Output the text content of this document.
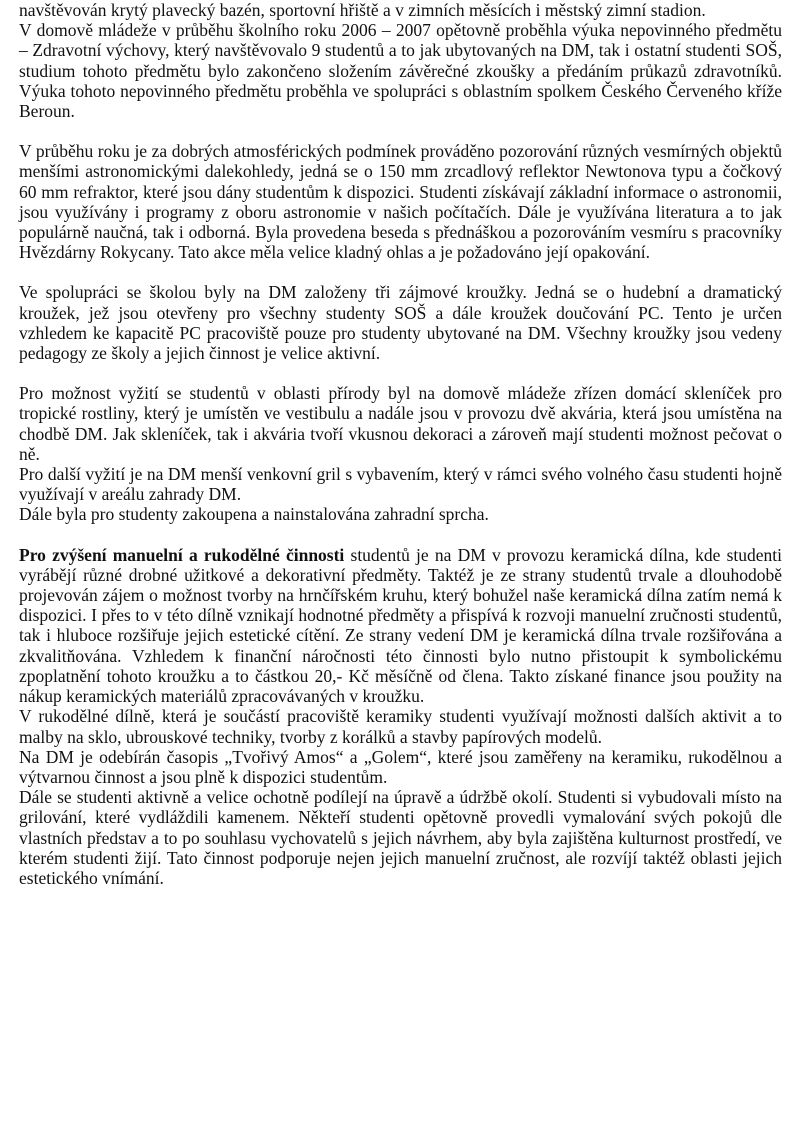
navštěvován krytý plavecký bazén, sportovní hřiště a v zimních měsících i městský zimní stadion.

V domově mládeže v průběhu školního roku 2006 – 2007 opětovně proběhla výuka nepovinného předmětu – Zdravotní výchovy, který navštěvovalo 9 studentů a to jak ubytovaných na DM, tak i ostatní studenti SOŠ, studium tohoto předmětu bylo zakončeno složením závěrečné zkoušky a předáním průkazů zdravotníků. Výuka tohoto nepovinného předmětu proběhla ve spolupráci s oblastním spolkem Českého Červeného kříže Beroun.

V průběhu roku je za dobrých atmosférických podmínek prováděno pozorování různých vesmírných objektů menšími astronomickými dalekohledy, jedná se o 150 mm zrcadlový reflektor Newtonova typu a čočkový 60 mm refraktor, které jsou dány studentům k dispozici. Studenti získávají základní informace o astronomii, jsou využívány i programy z oboru astronomie v našich počítačích. Dále je využívána literatura a to jak populárně naučná, tak i odborná. Byla provedena beseda s přednáškou a pozorováním vesmíru s pracovníky Hvězdárny Rokycany. Tato akce měla velice kladný ohlas a je požadováno její opakování.

Ve spolupráci se školou byly na DM založeny tři zájmové kroužky. Jedná se o hudební a dramatický kroužek, jež jsou otevřeny pro všechny studenty SOŠ a dále kroužek doučování PC. Tento je určen vzhledem ke kapacitě PC pracoviště pouze pro studenty ubytované na DM. Všechny kroužky jsou vedeny pedagogy ze školy a jejich činnost je velice aktivní.

Pro možnost vyžití se studentů v oblasti přírody byl na domově mládeže zřízen domácí skleníček pro tropické rostliny, který je umístěn ve vestibulu a nadále jsou v provozu dvě akvária, která jsou umístěna na chodbě DM. Jak skleníček, tak i akvária tvoří vkusnou dekoraci a zároveň mají studenti možnost pečovat o ně.

Pro další vyžití je na DM menší venkovní gril s vybavením, který v rámci svého volného času studenti hojně využívají v areálu zahrady DM.

Dále byla pro studenty zakoupena a nainstalována zahradní sprcha.

Pro zvýšení manuelní a rukodělné činnosti studentů je na DM v provozu keramická dílna, kde studenti vyrábějí různé drobné užitkové a dekorativní předměty. Taktéž je ze strany studentů trvale a dlouhodobě projevován zájem o možnost tvorby na hrnčířském kruhu, který bohužel naše keramická dílna zatím nemá k dispozici. I přes to v této dílně vznikají hodnotné předměty a přispívá k rozvoji manuelní zručnosti studentů, tak i hluboce rozšiřuje jejich estetické cítění. Ze strany vedení DM je keramická dílna trvale rozšiřována a zkvalitňována. Vzhledem k finanční náročnosti této činnosti bylo nutno přistoupit k symbolickému zpoplatnění tohoto kroužku a to částkou 20,- Kč měsíčně od člena. Takto získané finance jsou použity na nákup keramických materiálů zpracovávaných v kroužku.

V rukodělné dílně, která je součástí pracoviště keramiky studenti využívají možnosti dalších aktivit a to malby na sklo, ubrouskové techniky, tvorby z korálků a stavby papírových modelů.

Na DM je odebírán časopis „Tvořivý Amos“ a „Golem“, které jsou zaměřeny na keramiku, rukodělnou a výtvarnou činnost a jsou plně k dispozici studentům.

Dále se studenti aktivně a velice ochotně podílejí na úpravě a údržbě okolí. Studenti si vybudovali místo na grilování, které vydláždili kamenem. Někteří studenti opětovně provedli vymalování svých pokojů dle vlastních představ a to po souhlasu vychovatelů s jejich návrhem, aby byla zajištěna kulturnost prostředí, ve kterém studenti žijí. Tato činnost podporuje nejen jejich manuelní zručnost, ale rozvíjí taktéž oblasti jejich estetického vnímání.
